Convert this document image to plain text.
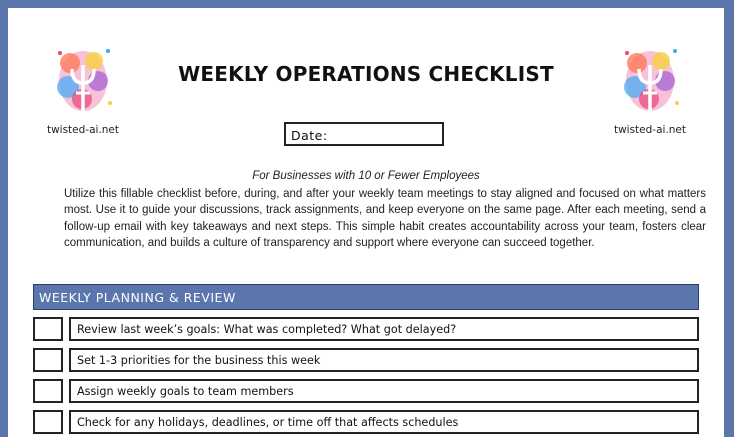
twisted-ai.net	twisted-ai.net
WEEKLY OPERATIONS CHECKLIST
Date:
For Businesses with 10 or Fewer Employees
Utilize this fillable checklist before, during, and after your weekly team meetings to stay aligned and focused on what matters most. Use it to guide your discussions, track assignments, and keep everyone on the same page. After each meeting, send a follow-up email with key takeaways and next steps. This simple habit creates accountability across your team, fosters clear communication, and builds a culture of transparency and support where everyone can succeed together.
WEEKLY PLANNING & REVIEW
Review last week’s goals: What was completed? What got delayed?
Set 1-3 priorities for the business this week
Assign weekly goals to team members
Check for any holidays, deadlines, or time off that affects schedules
